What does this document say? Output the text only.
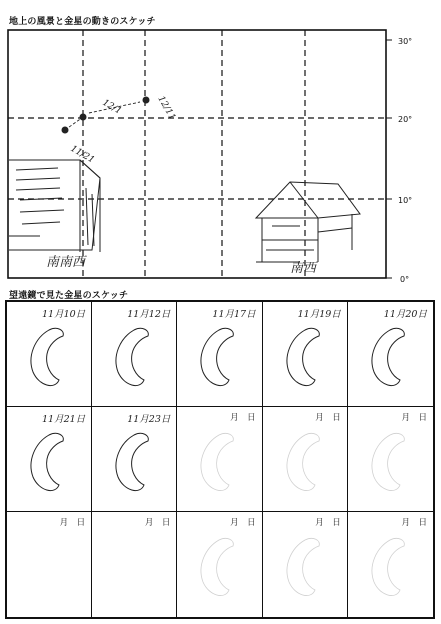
地上の風景と金星の動きのスケッチ
30°
20°
10°
0°
南南西	南西
11/21
12/1	12/11
望遠鏡で見た金星のスケッチ
11月10日	11月12日	11月17日	11月19日	11月20日
11月21日	11月23日	月　日	月　日	月　日
月　日	月　日	月　日	月　日	月　日
